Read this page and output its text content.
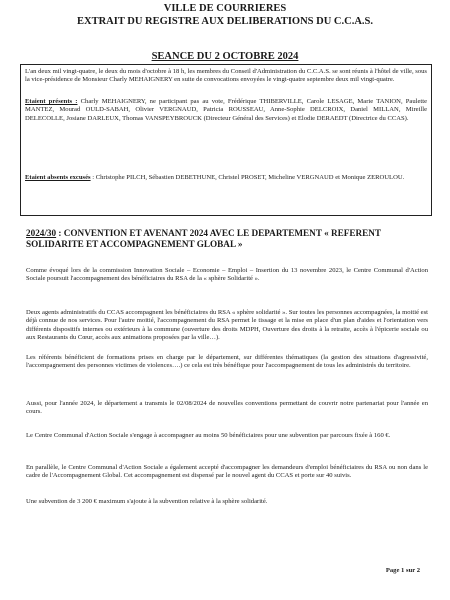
VILLE DE COURRIERES
EXTRAIT DU REGISTRE AUX DELIBERATIONS DU C.C.A.S.
SEANCE DU 2 OCTOBRE 2024

L'an deux mil vingt-quatre, le deux du mois d'octobre à 18 h, les membres du Conseil d'Administration du C.C.A.S. se sont réunis à l'hôtel de ville, sous la vice-présidence de Monsieur Charly MEHAIGNERY en suite de convocations envoyées le vingt-quatre septembre deux mil vingt-quatre.

Etaient présents : Charly MEHAIGNERY, ne participant pas au vote, Frédérique THIBERVILLE, Carole LESAGE, Marie TANION, Paulette MANTEZ, Mourad OULD-SABAH, Olivier VERGNAUD, Patricia ROUSSEAU, Anne-Sophie DELCROIX, Daniel MILLAN, Mireille DELECOLLE, Josiane DARLEUX, Thomas VANSPEYBROUCK (Directeur Général des Services) et Elodie DERAEDT (Directrice du CCAS).

Etaient absents excusés : Christophe PILCH, Sébastien DEBETHUNE, Christel PROSET, Micheline VERGNAUD et Monique ZEROULOU.

2024/30 : CONVENTION ET AVENANT 2024 AVEC LE DEPARTEMENT « REFERENT SOLIDARITE ET ACCOMPAGNEMENT GLOBAL »

Comme évoqué lors de la commission Innovation Sociale – Economie – Emploi – Insertion du 13 novembre 2023, le Centre Communal d'Action Sociale poursuit l'accompagnement des bénéficiaires du RSA de la « sphère Solidarité ».

Deux agents administratifs du CCAS accompagnent les bénéficiaires du RSA « sphère solidarité ». Sur toutes les personnes accompagnées, la moitié est déjà connue de nos services. Pour l'autre moitié, l'accompagnement du RSA permet le tissage et la mise en place d'un plan d'aides et l'orientation vers différents dispositifs internes ou extérieurs à la commune (ouverture des droits MDPH, Ouverture des droits à la retraite, accès à l'épicerie sociale ou aux Restaurants du Cœur, accès aux animations proposées par la ville…).

Les référents bénéficient de formations prises en charge par le département, sur différentes thématiques (la gestion des situations d'agressivité, l'accompagnement des personnes victimes de violences….) ce cela est très bénéfique pour l'accompagnement de tous les administrés du territoire.

Aussi, pour l'année 2024, le département a transmis le 02/08/2024 de nouvelles conventions permettant de couvrir notre partenariat pour l'année en cours.

Le Centre Communal d'Action Sociale s'engage à accompagner au moins 50 bénéficiaires pour une subvention par parcours fixée à 160 €.

En parallèle, le Centre Communal d'Action Sociale a également accepté d'accompagner les demandeurs d'emploi bénéficiaires du RSA ou non dans le cadre de l'Accompagnement Global. Cet accompagnement est dispensé par le nouvel agent du CCAS et porte sur 40 suivis.

Une subvention de 3 200 € maximum s'ajoute à la subvention relative à la sphère solidarité.

Page 1 sur 2
